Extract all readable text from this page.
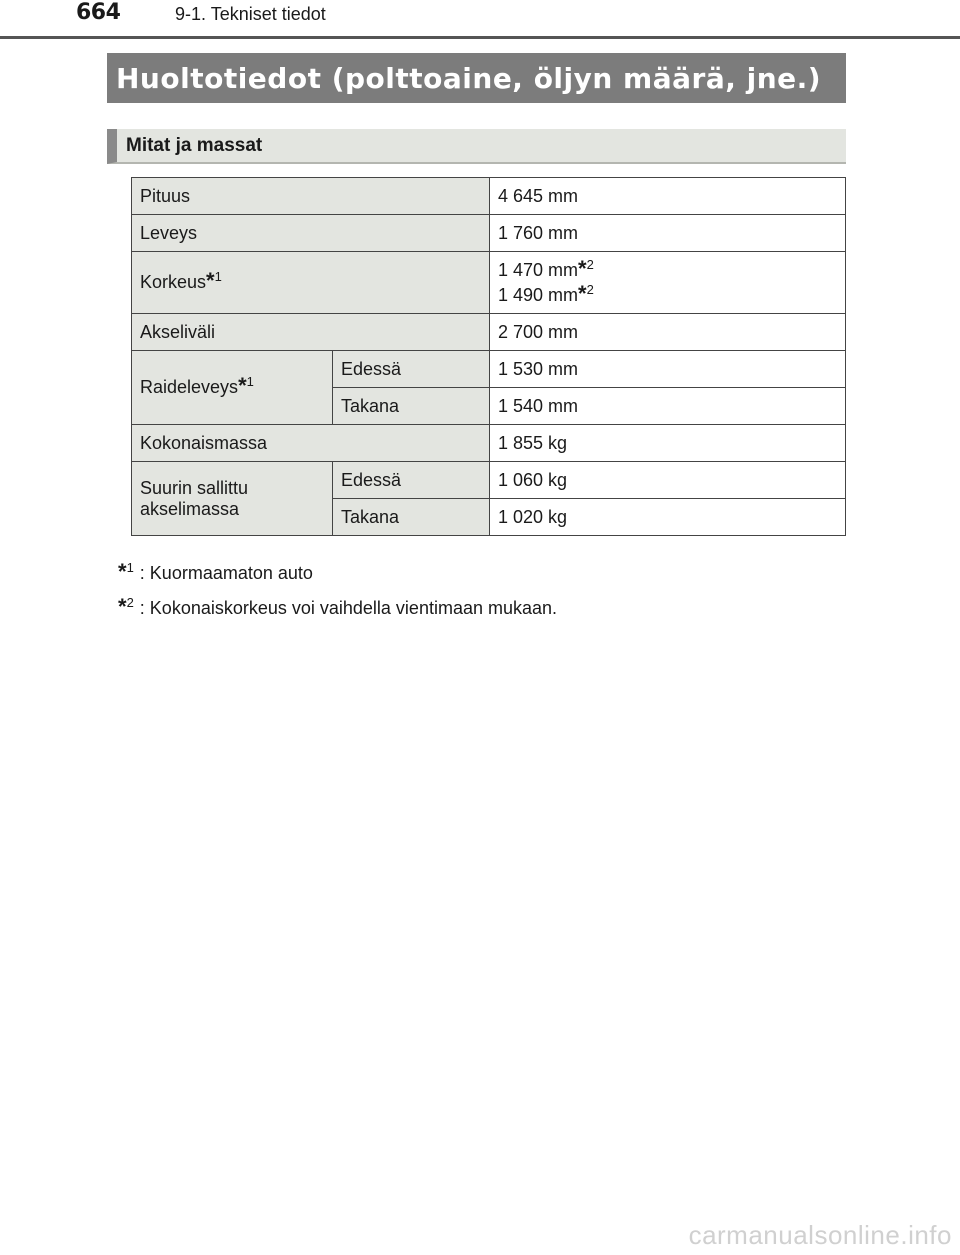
664	9-1. Tekniset tiedot
Huoltotiedot (polttoaine, öljyn määrä, jne.)
Mitat ja massat
Pituus		4 645 mm
Leveys		1 760 mm
Korkeus*$^1$		1 470 mm*$^2$
1 490 mm*$^2$

Akseliväli		2 700 mm
Raideleveys*$^1$	Edessä	1 530 mm
	Takana	1 540 mm
Kokonaismassa		1 855 kg

Suurin sallittu
akselimassa	Edessä	1 060 kg
	Takana	1 020 kg
*$^1$ : Kuormaamaton auto
*$^2$ : Kokonaiskorkeus voi vaihdella vientimaan mukaan.
carmanualsonline.info
